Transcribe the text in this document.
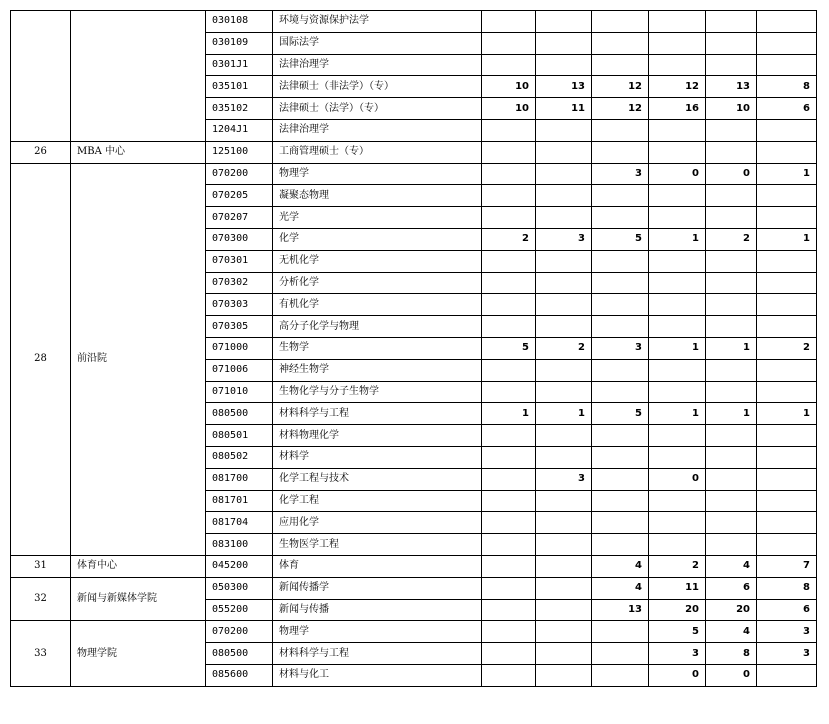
		030108	环境与资源保护法学						
		030109	国际法学						
		0301J1	法律治理学						
		035101	法律硕士（非法学）（专）	10	13	12	12	13	8
		035102	法律硕士（法学）（专）	10	11	12	16	10	6
		1204J1	法律治理学						
26	MBA 中心	125100	工商管理硕士（专）						
28	前沿院	070200	物理学			3	0	0	1
		070205	凝聚态物理						
		070207	光学						
		070300	化学	2	3	5	1	2	1
		070301	无机化学						
		070302	分析化学						
		070303	有机化学						
		070305	高分子化学与物理						
		071000	生物学	5	2	3	1	1	2
		071006	神经生物学						
		071010	生物化学与分子生物学						
		080500	材料科学与工程	1	1	5	1	1	1
		080501	材料物理化学						
		080502	材料学						
		081700	化学工程与技术		3		0		
		081701	化学工程						
		081704	应用化学						
		083100	生物医学工程						
31	体育中心	045200	体育			4	2	4	7
32	新闻与新媒体学院	050300	新闻传播学			4	11	6	8
		055200	新闻与传播			13	20	20	6
33	物理学院	070200	物理学				5	4	3
		080500	材料科学与工程				3	8	3
		085600	材料与化工				0	0	
